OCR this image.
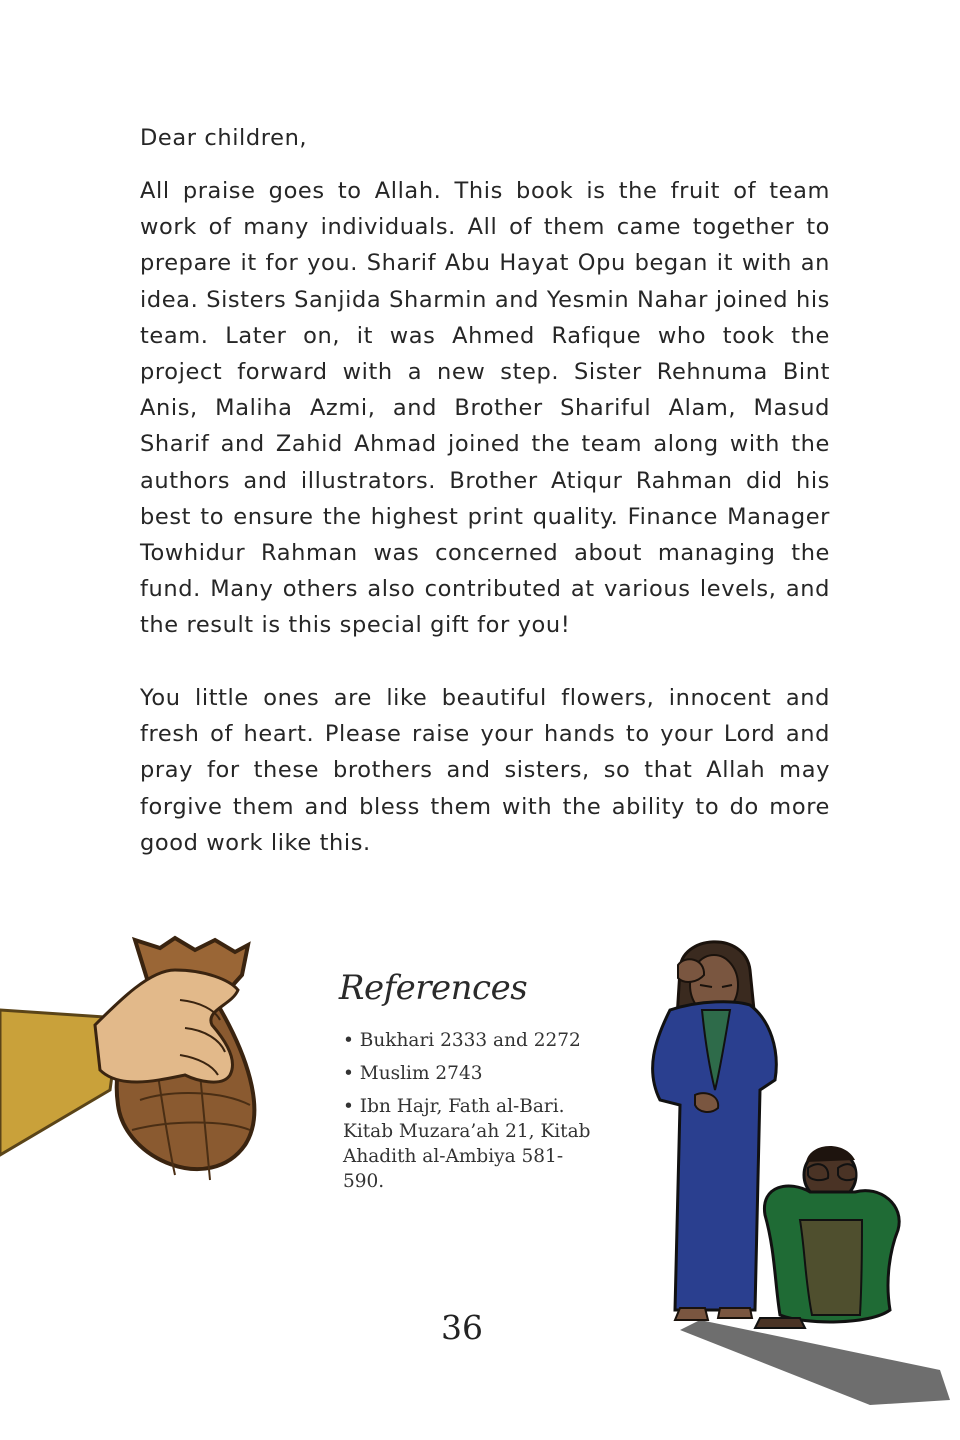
Dear children,
All praise goes to Allah. This book is the fruit of team work of many individuals. All of them came together to prepare it for you. Sharif Abu Hayat Opu began it with an idea. Sisters Sanjida Sharmin and Yesmin Nahar joined his team. Later on, it was Ahmed Rafique who took the project forward with a new step. Sister Rehnuma Bint Anis, Maliha Azmi, and Brother Shariful Alam, Masud Sharif and Zahid Ahmad joined the team along with the authors and illustrators. Brother Atiqur Rahman did his best to ensure the highest print quality. Finance Manager Towhidur Rahman was concerned about managing the fund. Many others also contributed at various levels, and the result is this special gift for you!
You little ones are like beautiful flowers, innocent and fresh of heart. Please raise your hands to your Lord and pray for these brothers and sisters, so that Allah may forgive them and bless them with the ability to do more good work like this.
References
• Bukhari 2333 and 2272
• Muslim 2743
• Ibn Hajr, Fath al-Bari. Kitab Muzara’ah 21, Kitab Ahadith al-Ambiya 581-590.
36
